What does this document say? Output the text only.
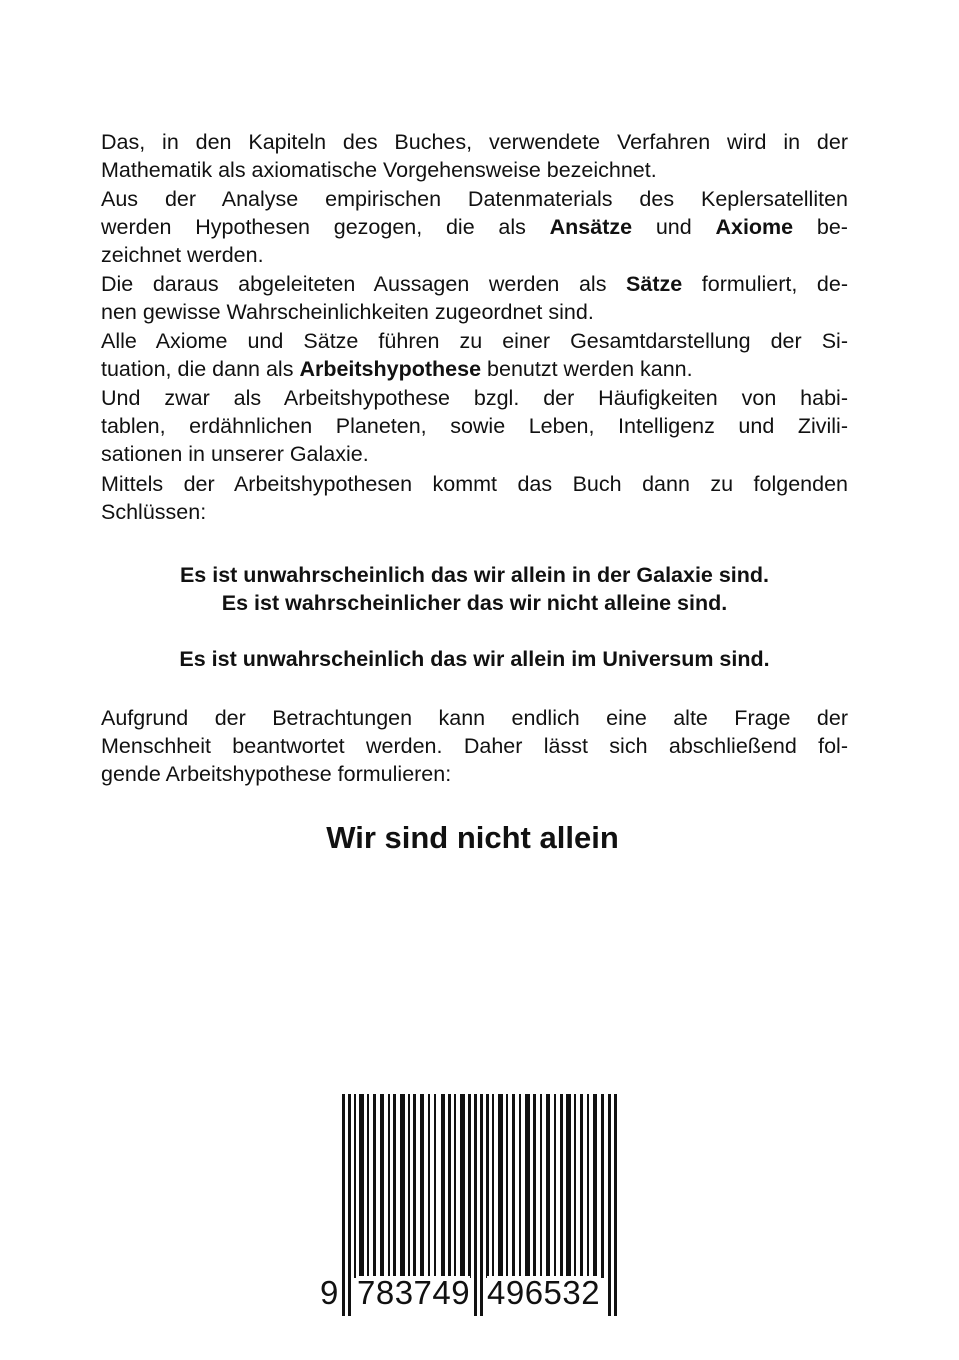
Das, in den Kapiteln des Buches, verwendete Verfahren wird in der
Mathematik als axiomatische Vorgehensweise bezeichnet.
Aus der Analyse empirischen Datenmaterials des Keplersatelliten
werden Hypothesen gezogen, die als Ansätze und Axiome be-
zeichnet werden.
Die daraus abgeleiteten Aussagen werden als Sätze formuliert, de-
nen gewisse Wahrscheinlichkeiten zugeordnet sind.
Alle Axiome und Sätze führen zu einer Gesamtdarstellung der Si-
tuation, die dann als Arbeitshypothese benutzt werden kann.
Und zwar als Arbeitshypothese bzgl. der Häufigkeiten von habi-
tablen, erdähnlichen Planeten, sowie Leben, Intelligenz und Zivili-
sationen in unserer Galaxie.
Mittels der Arbeitshypothesen kommt das Buch dann zu folgenden
Schlüssen:
Es ist unwahrscheinlich das wir allein in der Galaxie sind.
Es ist wahrscheinlicher das wir nicht alleine sind.
Es ist unwahrscheinlich das wir allein im Universum sind.
Aufgrund der Betrachtungen kann endlich eine alte Frage der
Menschheit beantwortet werden. Daher lässt sich abschließend fol-
gende Arbeitshypothese formulieren:
Wir sind nicht allein
9 783749 496532
